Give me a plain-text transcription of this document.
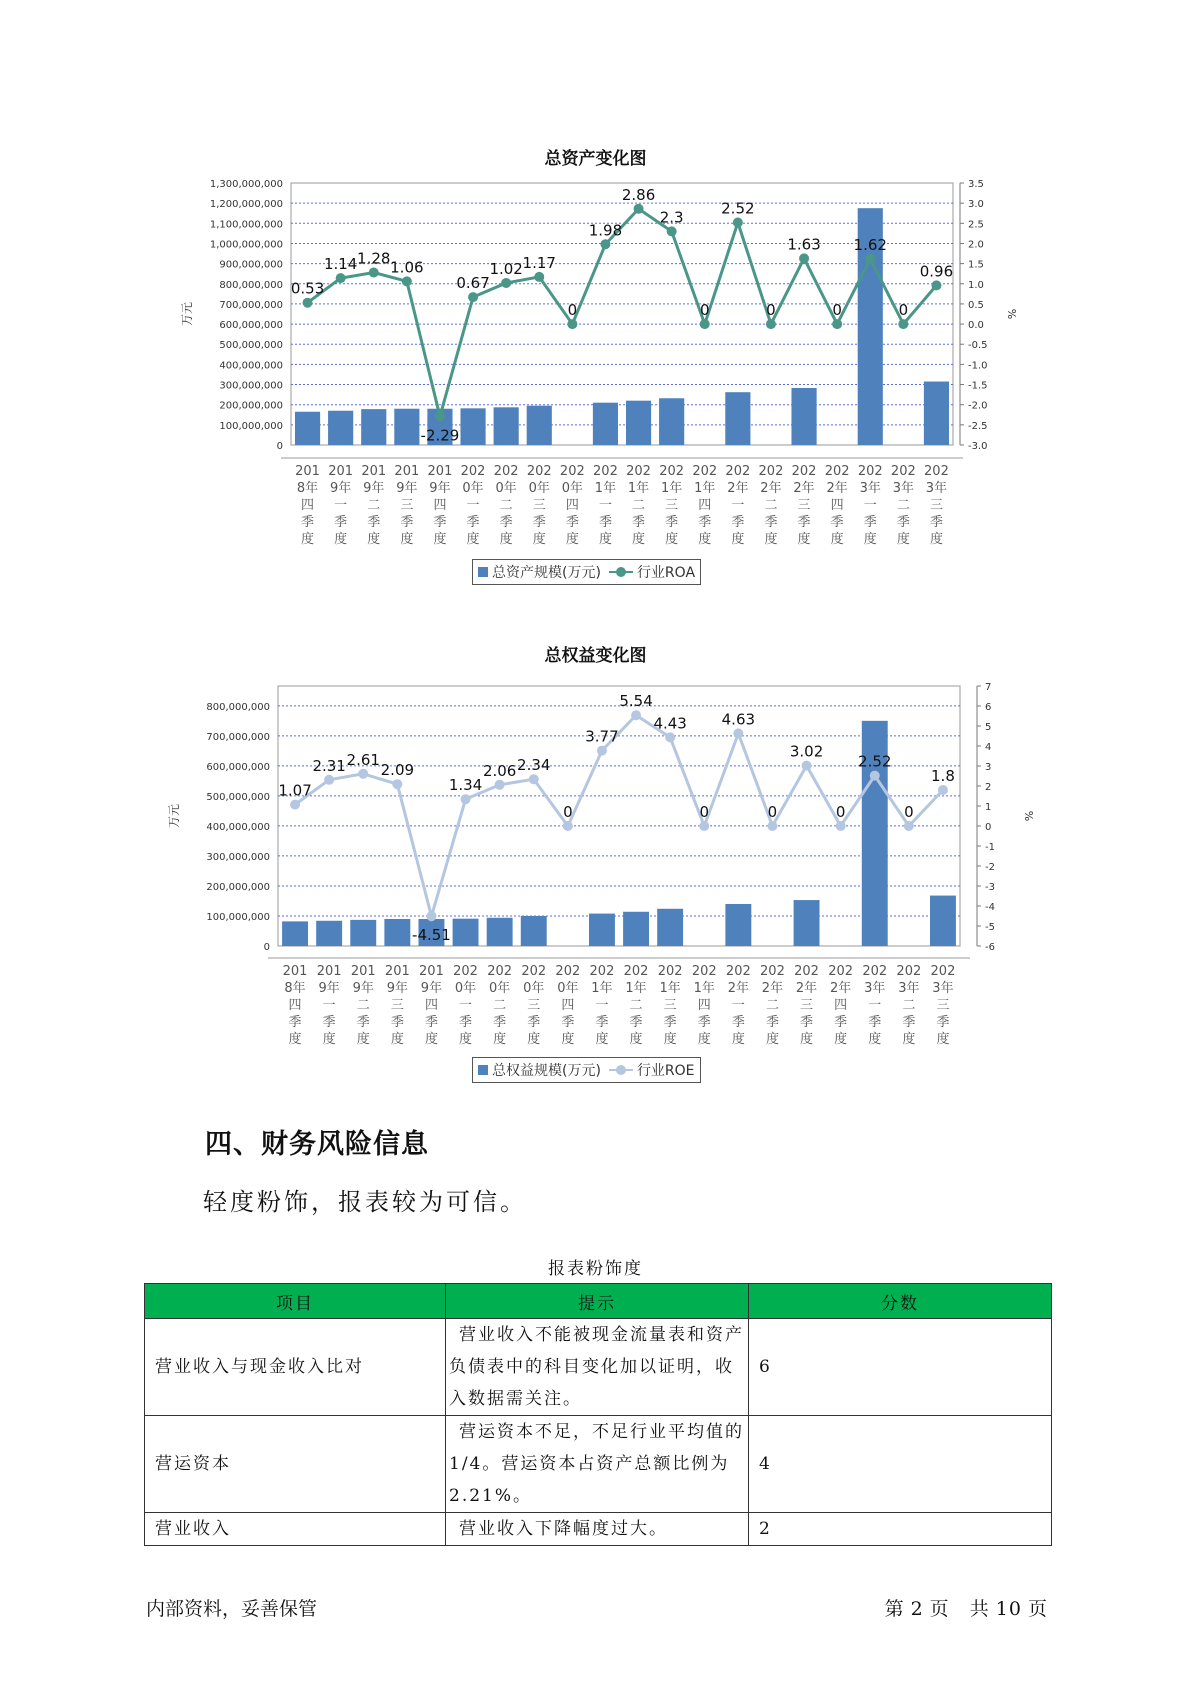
总资产变化图
1,300,000,000
1,200,000,000
1,100,000,000
1,000,000,000
900,000,000
800,000,000
700,000,000
600,000,000
500,000,000
400,000,000
300,000,000
200,000,000
100,000,000
0
3.5
3.0
2.5
2.0
1.5
1.0
0.5
0.0
-0.5
-1.0
-1.5
-2.0
-2.5
-3.0
万元	%
201
8年
四
季
度
201
9年
一
季
度
201
9年
二
季
度
201
9年
三
季
度
201
9年
四
季
度
202
0年
一
季
度
202
0年
二
季
度
202
0年
三
季
度
202
0年
四
季
度
202
1年
一
季
度
202
1年
二
季
度
202
1年
三
季
度
202
1年
四
季
度
202
2年
一
季
度
202
2年
二
季
度
202
2年
三
季
度
202
2年
四
季
度
202
3年
一
季
度
202
3年
二
季
度
202
3年
三
季
度
0.53
1.14 1.28 1.06
-2.29
0.67
1.02 1.17
0
1.98
2.86
2.3
0
2.52
0
1.63
0
1.62
0
0.96
总资产规模(万元)	行业ROA
总权益变化图
800,000,000
700,000,000
600,000,000
500,000,000
400,000,000
300,000,000
200,000,000
100,000,000
0
7
6
5
4
3
2
1
0
-1
-2
-3
-4
-5
-6
万元	%
201
8年
四
季
度
201
9年
一
季
度
201
9年
二
季
度
201
9年
三
季
度
201
9年
四
季
度
202
0年
一
季
度
202
0年
二
季
度
202
0年
三
季
度
202
0年
四
季
度
202
1年
一
季
度
202
1年
二
季
度
202
1年
三
季
度
202
1年
四
季
度
202
2年
一
季
度
202
2年
二
季
度
202
2年
三
季
度
202
2年
四
季
度
202
3年
一
季
度
202
3年
二
季
度
202
3年
三
季
度
1.07
2.31 2.61
2.09
-4.51
1.34
2.06 2.34
0
3.77
5.54
4.43
0
4.63
0
3.02
0
2.52
0
1.8
总权益规模(万元)	行业ROE
四、财务风险信息
轻度粉饰，报表较为可信。
报表粉饰度
项目	提示	分数
营业收入与现金收入比对	营业收入不能被现金流量表和资产负债表中的科目变化加以证明，收入数据需关注。	6
营运资本	营运资本不足，不足行业平均值的1/4。营运资本占资产总额比例为2.21%。	4
营业收入	营业收入下降幅度过大。	2
内部资料，妥善保管	第 2 页 共 10 页
